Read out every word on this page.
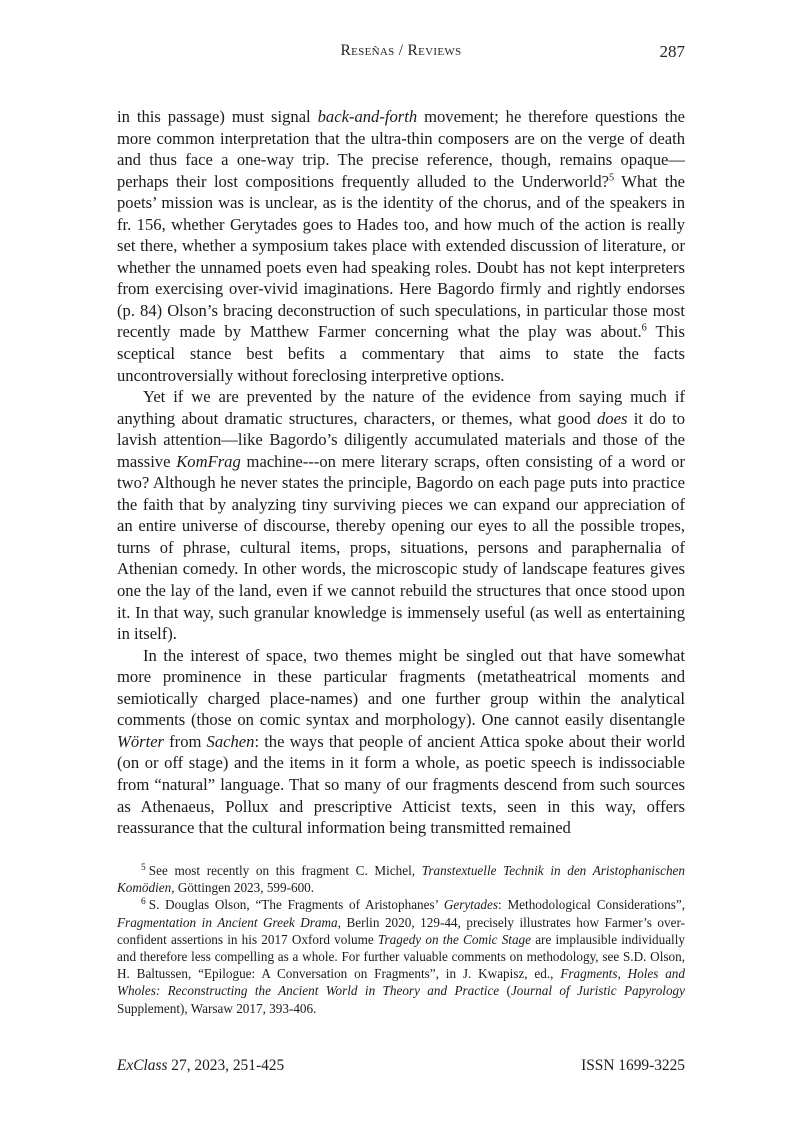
Reseñas / Reviews	287

in this passage) must signal back-and-forth movement; he therefore questions the more common interpretation that the ultra-thin composers are on the verge of death and thus face a one-way trip. The precise reference, though, remains opaque—perhaps their lost compositions frequently alluded to the Underworld?$^5$ What the poets’ mission was is unclear, as is the identity of the chorus, and of the speakers in fr. 156, whether Gerytades goes to Hades too, and how much of the action is really set there, whether a symposium takes place with extended discussion of literature, or whether the unnamed poets even had speaking roles. Doubt has not kept interpreters from exercising over-vivid imaginations. Here Bagordo firmly and rightly endorses (p. 84) Olson’s bracing deconstruction of such speculations, in particular those most recently made by Matthew Farmer concerning what the play was about.$^6$ This sceptical stance best befits a commentary that aims to state the facts uncontroversially without foreclosing interpretive options.

Yet if we are prevented by the nature of the evidence from saying much if anything about dramatic structures, characters, or themes, what good does it do to lavish attention—like Bagordo’s diligently accumulated materials and those of the massive KomFrag machine---on mere literary scraps, often consisting of a word or two? Although he never states the principle, Bagordo on each page puts into practice the faith that by analyzing tiny surviving pieces we can expand our appreciation of an entire universe of discourse, thereby opening our eyes to all the possible tropes, turns of phrase, cultural items, props, situations, persons and paraphernalia of Athenian comedy. In other words, the microscopic study of landscape features gives one the lay of the land, even if we cannot rebuild the structures that once stood upon it. In that way, such granular knowledge is immensely useful (as well as entertaining in itself).

In the interest of space, two themes might be singled out that have somewhat more prominence in these particular fragments (metatheatrical moments and semiotically charged place-names) and one further group within the analytical comments (those on comic syntax and morphology). One cannot easily disentangle Wörter from Sachen: the ways that people of ancient Attica spoke about their world (on or off stage) and the items in it form a whole, as poetic speech is indissociable from “natural” language. That so many of our fragments descend from such sources as Athenaeus, Pollux and prescriptive Atticist texts, seen in this way, offers reassurance that the cultural information being transmitted remained

$^5$ See most recently on this fragment C. Michel, Transtextuelle Technik in den Aristophanischen Komödien, Göttingen 2023, 599-600.

$^6$ S. Douglas Olson, “The Fragments of Aristophanes’ Gerytades: Methodological Considerations”, Fragmentation in Ancient Greek Drama, Berlin 2020, 129-44, precisely illustrates how Farmer’s over-confident assertions in his 2017 Oxford volume Tragedy on the Comic Stage are implausible individually and therefore less compelling as a whole. For further valuable comments on methodology, see S.D. Olson, H. Baltussen, “Epilogue: A Conversation on Fragments”, in J. Kwapisz, ed., Fragments, Holes and Wholes: Reconstructing the Ancient World in Theory and Practice (Journal of Juristic Papyrology Supplement), Warsaw 2017, 393-406.

ExClass 27, 2023, 251-425	ISSN 1699-3225
